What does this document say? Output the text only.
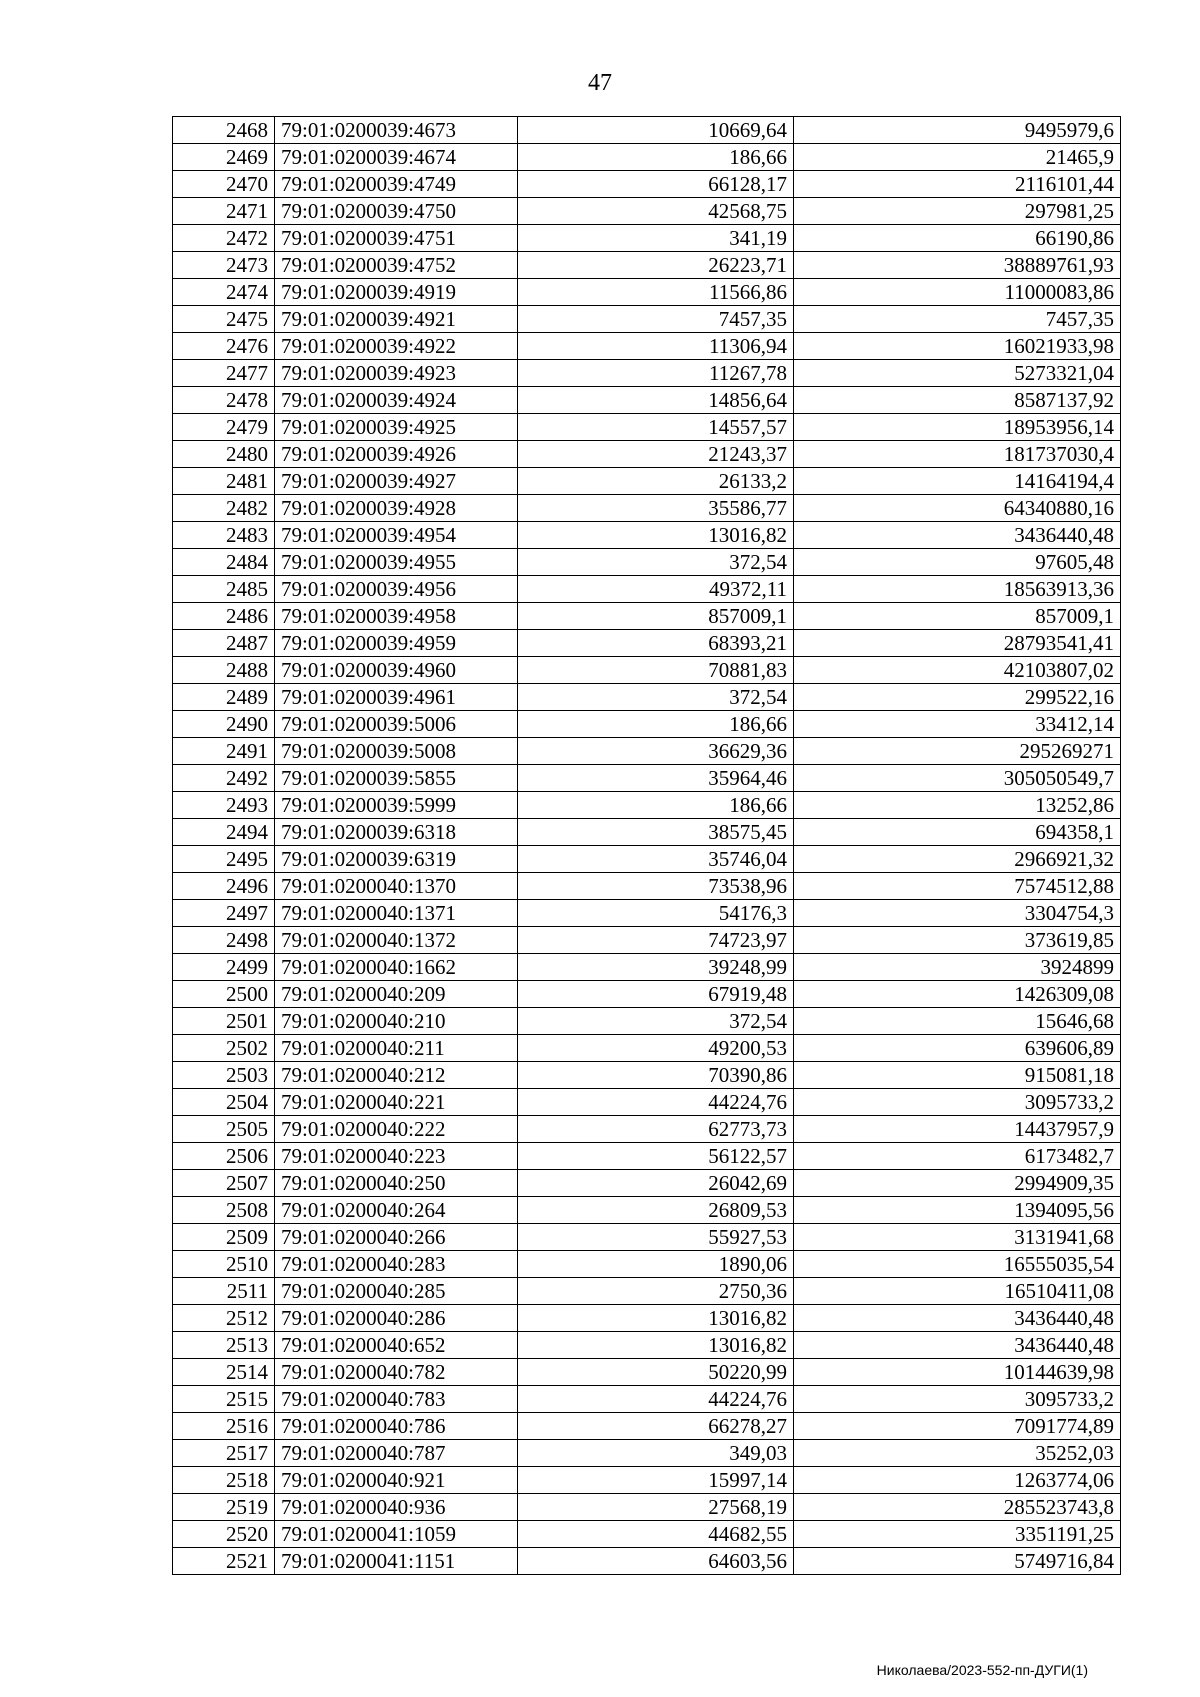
47
2468	79:01:0200039:4673	10669,64	9495979,6
2469	79:01:0200039:4674	186,66	21465,9
2470	79:01:0200039:4749	66128,17	2116101,44
2471	79:01:0200039:4750	42568,75	297981,25
2472	79:01:0200039:4751	341,19	66190,86
2473	79:01:0200039:4752	26223,71	38889761,93
2474	79:01:0200039:4919	11566,86	11000083,86
2475	79:01:0200039:4921	7457,35	7457,35
2476	79:01:0200039:4922	11306,94	16021933,98
2477	79:01:0200039:4923	11267,78	5273321,04
2478	79:01:0200039:4924	14856,64	8587137,92
2479	79:01:0200039:4925	14557,57	18953956,14
2480	79:01:0200039:4926	21243,37	181737030,4
2481	79:01:0200039:4927	26133,2	14164194,4
2482	79:01:0200039:4928	35586,77	64340880,16
2483	79:01:0200039:4954	13016,82	3436440,48
2484	79:01:0200039:4955	372,54	97605,48
2485	79:01:0200039:4956	49372,11	18563913,36
2486	79:01:0200039:4958	857009,1	857009,1
2487	79:01:0200039:4959	68393,21	28793541,41
2488	79:01:0200039:4960	70881,83	42103807,02
2489	79:01:0200039:4961	372,54	299522,16
2490	79:01:0200039:5006	186,66	33412,14
2491	79:01:0200039:5008	36629,36	295269271
2492	79:01:0200039:5855	35964,46	305050549,7
2493	79:01:0200039:5999	186,66	13252,86
2494	79:01:0200039:6318	38575,45	694358,1
2495	79:01:0200039:6319	35746,04	2966921,32
2496	79:01:0200040:1370	73538,96	7574512,88
2497	79:01:0200040:1371	54176,3	3304754,3
2498	79:01:0200040:1372	74723,97	373619,85
2499	79:01:0200040:1662	39248,99	3924899
2500	79:01:0200040:209	67919,48	1426309,08
2501	79:01:0200040:210	372,54	15646,68
2502	79:01:0200040:211	49200,53	639606,89
2503	79:01:0200040:212	70390,86	915081,18
2504	79:01:0200040:221	44224,76	3095733,2
2505	79:01:0200040:222	62773,73	14437957,9
2506	79:01:0200040:223	56122,57	6173482,7
2507	79:01:0200040:250	26042,69	2994909,35
2508	79:01:0200040:264	26809,53	1394095,56
2509	79:01:0200040:266	55927,53	3131941,68
2510	79:01:0200040:283	1890,06	16555035,54
2511	79:01:0200040:285	2750,36	16510411,08
2512	79:01:0200040:286	13016,82	3436440,48
2513	79:01:0200040:652	13016,82	3436440,48
2514	79:01:0200040:782	50220,99	10144639,98
2515	79:01:0200040:783	44224,76	3095733,2
2516	79:01:0200040:786	66278,27	7091774,89
2517	79:01:0200040:787	349,03	35252,03
2518	79:01:0200040:921	15997,14	1263774,06
2519	79:01:0200040:936	27568,19	285523743,8
2520	79:01:0200041:1059	44682,55	3351191,25
2521	79:01:0200041:1151	64603,56	5749716,84
Николаева/2023-552-пп-ДУГИ(1)
